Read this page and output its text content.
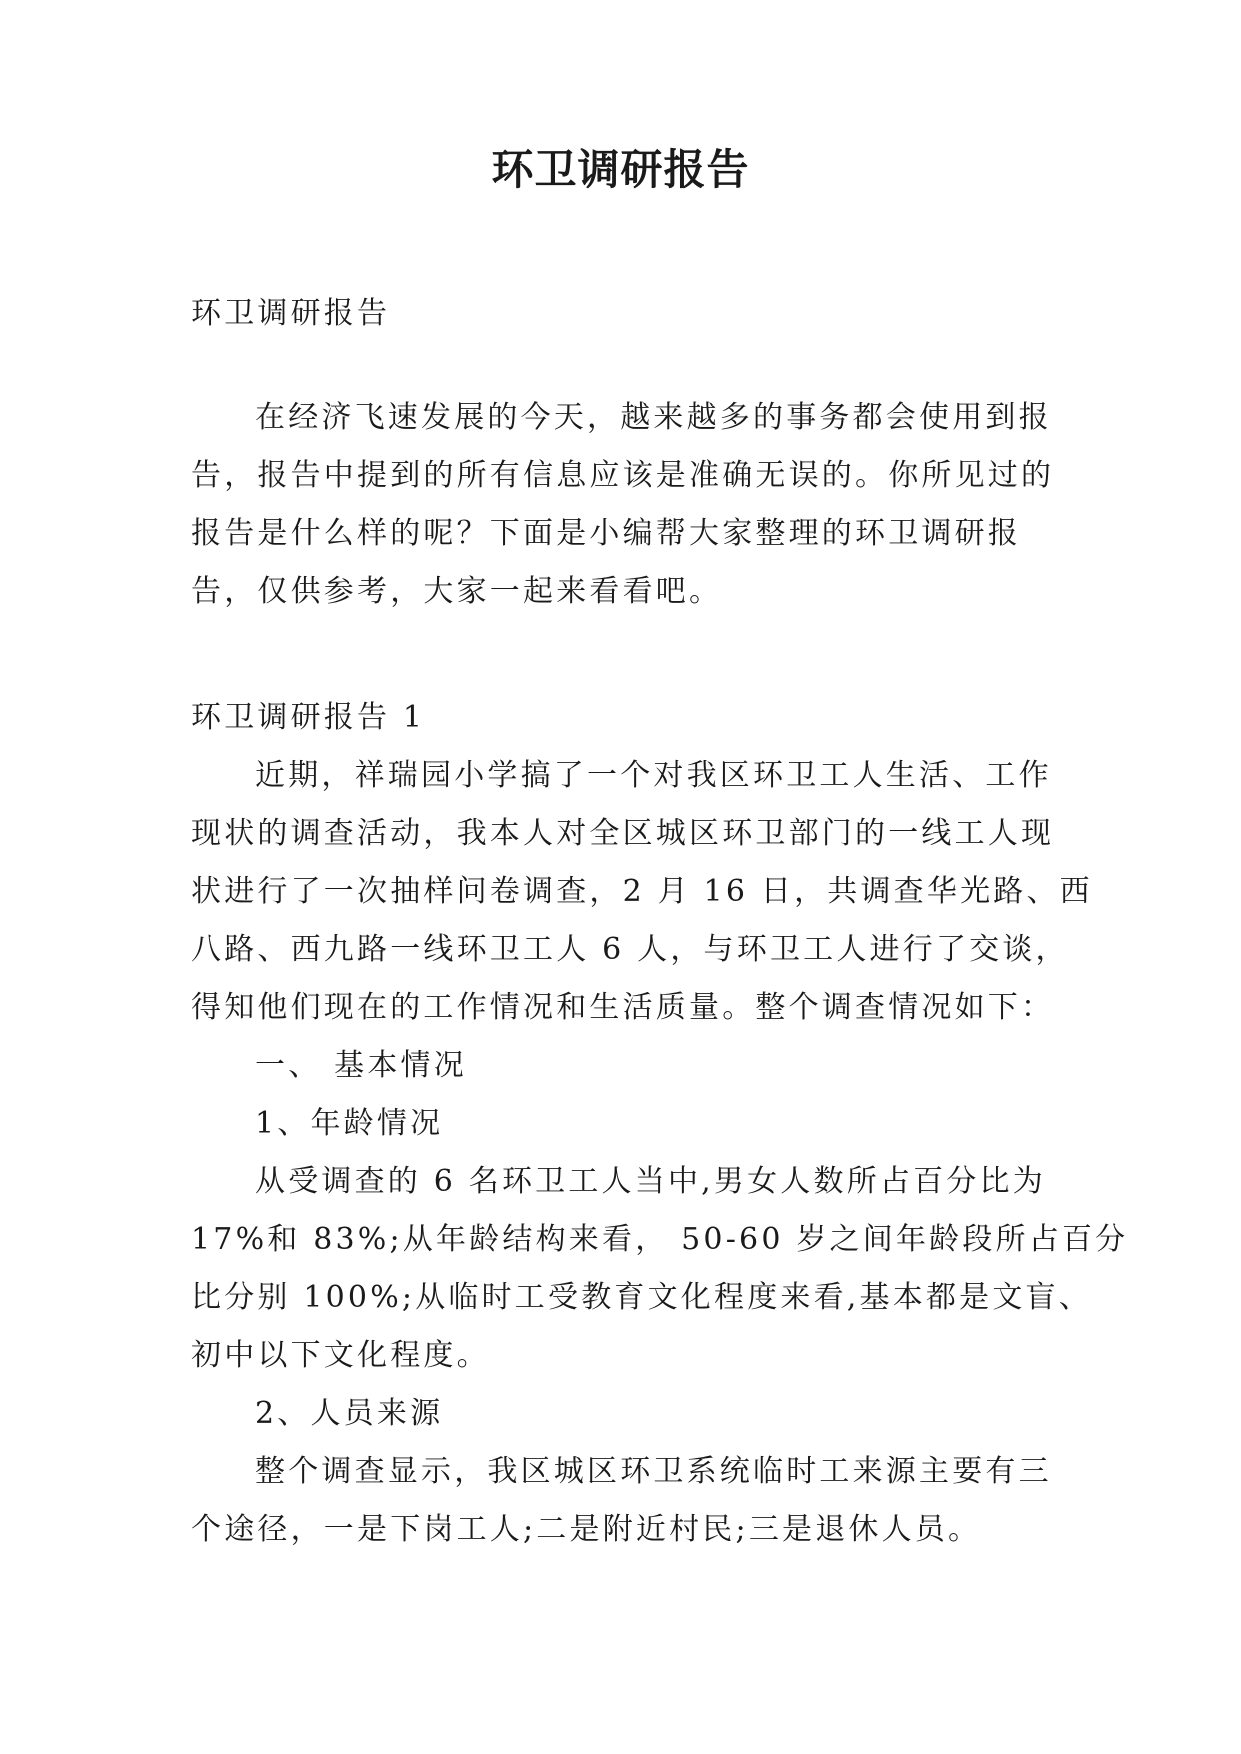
环卫调研报告
环卫调研报告
在经济飞速发展的今天，越来越多的事务都会使用到报
告，报告中提到的所有信息应该是准确无误的。你所见过的
报告是什么样的呢？下面是小编帮大家整理的环卫调研报
告，仅供参考，大家一起来看看吧。
环卫调研报告 1
近期，祥瑞园小学搞了一个对我区环卫工人生活、工作
现状的调查活动，我本人对全区城区环卫部门的一线工人现
状进行了一次抽样问卷调查，2 月 16 日，共调查华光路、西
八路、西九路一线环卫工人 6 人，与环卫工人进行了交谈，
得知他们现在的工作情况和生活质量。整个调查情况如下：
一、 基本情况
1、年龄情况
从受调查的 6 名环卫工人当中,男女人数所占百分比为
17%和 83%;从年龄结构来看， 50-60 岁之间年龄段所占百分
比分别 100%;从临时工受教育文化程度来看,基本都是文盲、
初中以下文化程度。
2、人员来源
整个调查显示，我区城区环卫系统临时工来源主要有三
个途径，一是下岗工人;二是附近村民;三是退休人员。
